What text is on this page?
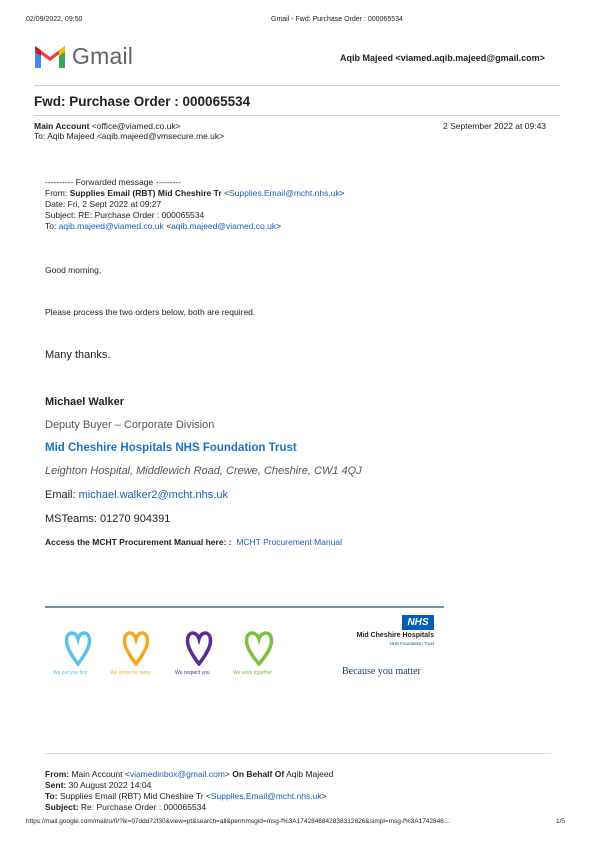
02/09/2022, 09:50	Gmail - Fwd: Purchase Order : 000065534
Gmail	Aqib Majeed <viamed.aqib.majeed@gmail.com>
Fwd: Purchase Order : 000065534
Main Account <office@viamed.co.uk>	2 September 2022 at 09:43
To: Aqib Majeed <aqib.majeed@vmsecure.me.uk>
---------- Forwarded message ---------
From: Supplies Email (RBT) Mid Cheshire Tr <Supplies.Email@mcht.nhs.uk>
Date: Fri, 2 Sept 2022 at 09:27
Subject: RE: Purchase Order : 000065534
To: aqib.majeed@viamed.co.uk <aqib.majeed@viamed.co.uk>
Good morning,
Please process the two orders below, both are required.
Many thanks.
Michael Walker
Deputy Buyer – Corporate Division
Mid Cheshire Hospitals NHS Foundation Trust
Leighton Hospital, Middlewich Road, Crewe, Cheshire, CW1 4QJ
Email: michael.walker2@mcht.nhs.uk
MSTeams: 01270 904391
Access the MCHT Procurement Manual here: : MCHT Procurement Manual
We put you first	We strive for more	We respect you	We work together
NHS
Mid Cheshire Hospitals
NHS Foundation Trust
Because you matter
From: Main Account <viamedinbox@gmail.com> On Behalf Of Aqib Majeed
Sent: 30 August 2022 14:04
To: Supplies Email (RBT) Mid Cheshire Tr <Supplies.Email@mcht.nhs.uk>
Subject: Re: Purchase Order : 000065534
https://mail.google.com/mail/u/0/?ik=07ddd72f30&view=pt&search=all&permmsgid=msg-f%3A1742846842838312826&simpl=msg-f%3A1742846…	1/5
